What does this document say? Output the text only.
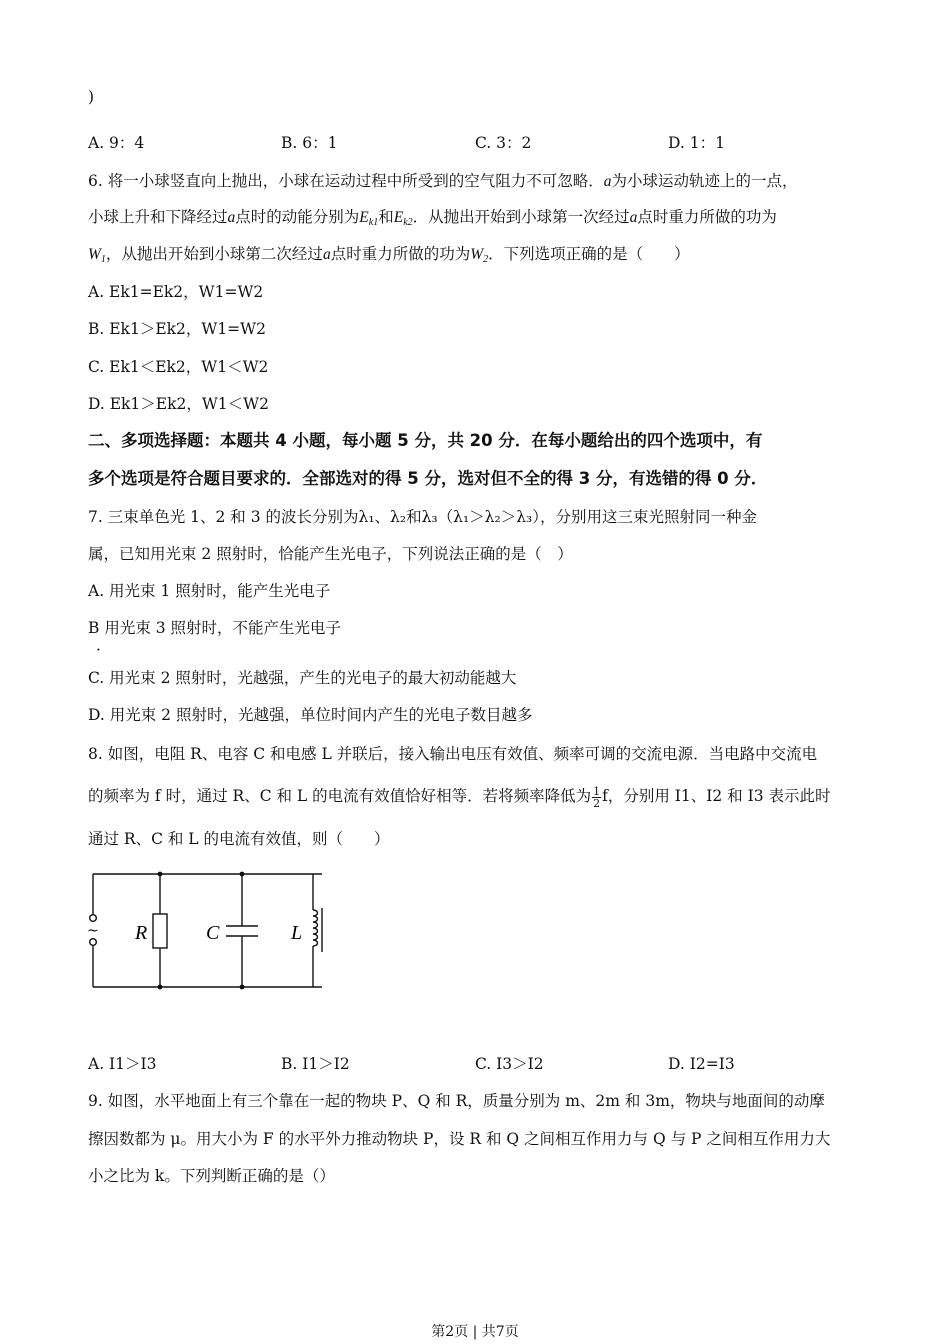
)
A. 9：4	B. 6：1	C. 3：2	D. 1：1
6. 将一小球竖直向上抛出，小球在运动过程中所受到的空气阻力不可忽略．a为小球运动轨迹上的一点，
小球上升和下降经过a点时的动能分别为$E_{k1}$和$E_{k2}$．从抛出开始到小球第一次经过a点时重力所做的功为
$W_1$，从抛出开始到小球第二次经过a点时重力所做的功为$W_2$．下列选项正确的是（　　）
A. Ek1=Ek2，W1=W2
B. Ek1＞Ek2，W1=W2
C. Ek1＜Ek2，W1＜W2
D. Ek1＞Ek2，W1＜W2
二、多项选择题：本题共 4 小题，每小题 5 分，共 20 分．在每小题给出的四个选项中，有
多个选项是符合题目要求的．全部选对的得 5 分，选对但不全的得 3 分，有选错的得 0 分．
7. 三束单色光 1、2 和 3 的波长分别为λ₁、λ₂和λ₃（λ₁＞λ₂＞λ₃），分别用这三束光照射同一种金
属，已知用光束 2 照射时，恰能产生光电子，下列说法正确的是（　）
A. 用光束 1 照射时，能产生光电子
B 用光束 3 照射时，不能产生光电子
．
C. 用光束 2 照射时，光越强，产生的光电子的最大初动能越大
D. 用光束 2 照射时，光越强，单位时间内产生的光电子数目越多
8. 如图，电阻 R、电容 C 和电感 L 并联后，接入输出电压有效值、频率可调的交流电源．当电路中交流电
的频率为 f 时，通过 R、C 和 L 的电流有效值恰好相等．若将频率降低为 $\frac{1}{2}$ f，分别用 I1、I2 和 I3 表示此时
通过 R、C 和 L 的电流有效值，则（　　）
~ R	C	L
A. I1＞I3	B. I1＞I2	C. I3＞I2	D. I2=I3
9. 如图，水平地面上有三个靠在一起的物块 P、Q 和 R，质量分别为 m、2m 和 3m，物块与地面间的动摩
擦因数都为 μ。用大小为 F 的水平外力推动物块 P，设 R 和 Q 之间相互作用力与 Q 与 P 之间相互作用力大
小之比为 k。下列判断正确的是（）
第2页 | 共7页
